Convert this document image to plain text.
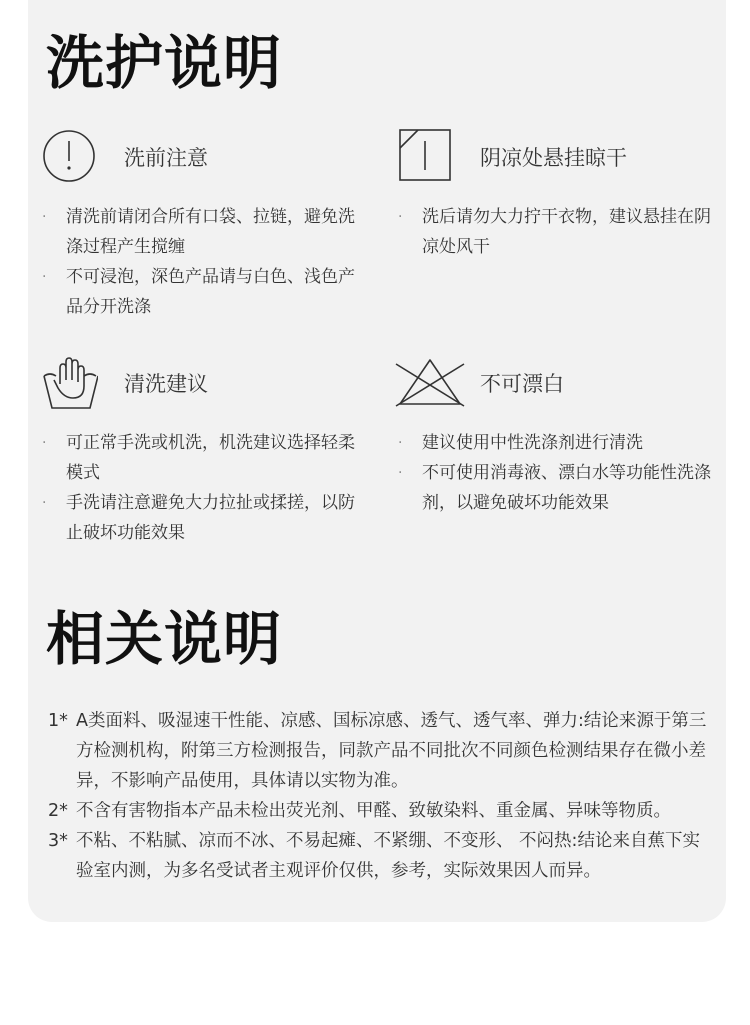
洗护说明
洗前注意
·	清洗前请闭合所有口袋、拉链，避免洗涤过程产生搅缠
·	不可浸泡，深色产品请与白色、浅色产品分开洗涤
阴凉处悬挂晾干
·	洗后请勿大力拧干衣物，建议悬挂在阴凉处风干
清洗建议
·	可正常手洗或机洗，机洗建议选择轻柔模式
·	手洗请注意避免大力拉扯或揉搓，以防止破坏功能效果
不可漂白
·	建议使用中性洗涤剂进行清洗
·	不可使用消毒液、漂白水等功能性洗涤剂，以避免破坏功能效果
相关说明
1* A类面料、吸湿速干性能、凉感、国标凉感、透气、透气率、弹力:结论来源于第三方检测机构，附第三方检测报告，同款产品不同批次不同颜色检测结果存在微小差异，不影响产品使用，具体请以实物为准。
2* 不含有害物指本产品未检出荧光剂、甲醛、致敏染料、重金属、异味等物质。
3* 不粘、不粘腻、凉而不冰、不易起瘫、不紧绷、不变形、 不闷热:结论来自蕉下实验室内测，为多名受试者主观评价仅供，参考，实际效果因人而异。
